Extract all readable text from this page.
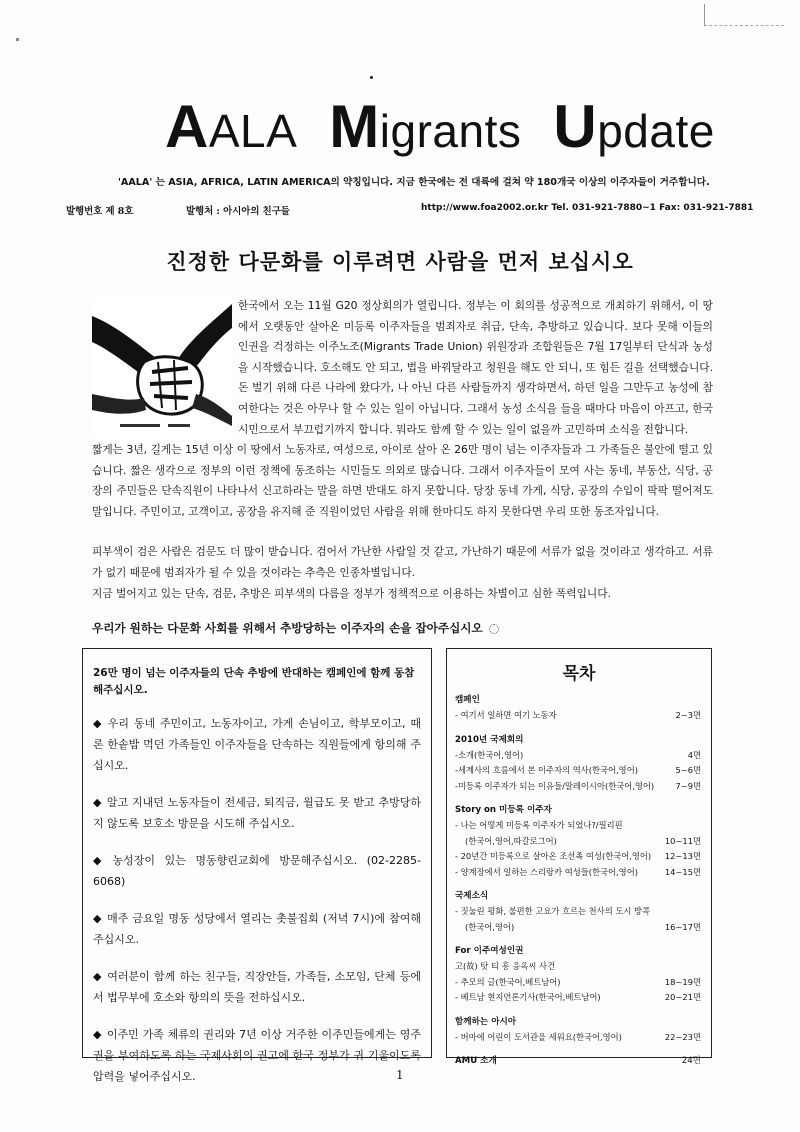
AALA Migrants Update
'AALA' 는 ASIA, AFRICA, LATIN AMERICA의 약칭입니다. 지금 한국에는 전 대륙에 걸쳐 약 180개국 이상의 이주자들이 거주합니다.
발행번호 제 8호	발행처 : 아시아의 친구들	http://www.foa2002.or.kr Tel. 031-921-7880~1 Fax: 031-921-7881
진정한 다문화를 이루려면 사람을 먼저 보십시오

한국에서 오는 11월 G20 정상회의가 열립니다. 정부는 이 회의를 성공적으로 개최하기 위해서, 이 땅에서 오랫동안 살아온 미등록 이주자들을 범죄자로 취급, 단속, 추방하고 있습니다. 보다 못해 이들의 인권을 걱정하는 이주노조(Migrants Trade Union) 위원장과 조합원들은 7월 17일부터 단식과 농성을 시작했습니다. 호소해도 안 되고, 법을 바꿔달라고 청원을 해도 안 되니, 또 힘든 길을 선택했습니다. 돈 벌기 위해 다른 나라에 왔다가, 나 아닌 다른 사람들까지 생각하면서, 하던 일을 그만두고 농성에 참여한다는 것은 아무나 할 수 있는 일이 아닙니다. 그래서 농성 소식을 들을 때마다 마음이 아프고, 한국시민으로서 부끄럽기까지 합니다. 뭐라도 함께 할 수 있는 일이 없을까 고민하며 소식을 전합니다.

짧게는 3년, 길게는 15년 이상 이 땅에서 노동자로, 여성으로, 아이로 살아 온 26만 명이 넘는 이주자들과 그 가족들은 불안에 떨고 있습니다. 짧은 생각으로 정부의 이런 정책에 동조하는 시민들도 의외로 많습니다. 그래서 이주자들이 모여 사는 동네, 부동산, 식당, 공장의 주민들은 단속직원이 나타나서 신고하라는 말을 하면 반대도 하지 못합니다. 당장 동네 가게, 식당, 공장의 수입이 팍팍 떨어져도 말입니다. 주민이고, 고객이고, 공장을 유지해 준 직원이었던 사람을 위해 한마디도 하지 못한다면 우리 또한 동조자입니다.

피부색이 검은 사람은 검문도 더 많이 받습니다. 검어서 가난한 사람일 것 같고, 가난하기 때문에 서류가 없을 것이라고 생각하고. 서류가 없기 때문에 범죄자가 될 수 있을 것이라는 추측은 인종차별입니다.

지금 벌어지고 있는 단속, 검문, 추방은 피부색의 다름을 정부가 정책적으로 이용하는 차별이고 심한 폭력입니다.

우리가 원하는 다문화 사회를 위해서 추방당하는 이주자의 손을 잡아주십시오
26만 명이 넘는 이주자들의 단속 추방에 반대하는 캠페인에 함께 동참해주십시오.
◆ 우리 동네 주민이고, 노동자이고, 가게 손님이고, 학부모이고, 때론 한솥밥 먹던 가족들인 이주자들을 단속하는 직원들에게 항의해 주십시오.
◆ 알고 지내던 노동자들이 전세금, 퇴직금, 월급도 못 받고 추방당하지 않도록 보호소 방문을 시도해 주십시오.
◆ 농성장이 있는 명동향린교회에 방문해주십시오. (02-2285-6068)
◆ 매주 금요일 명동 성당에서 열리는 촛불집회 (저녁 7시)에 참여해 주십시오.
◆ 여러분이 함께 하는 친구들, 직장안들, 가족들, 소모임, 단체 등에서 법무부에 호소와 항의의 뜻을 전하십시오.
◆ 이주민 가족 체류의 권리와 7년 이상 거주한 이주민들에게는 영주권을 부여하도록 하는 국제사회의 권고에 한국 정부가 귀 기울이도록 압력을 넣어주십시오.
목차
캠페인
- 여기서 일하면 여기 노동자	2~3면
2010년 국제회의
-소개(한국어,영어)	4면
-세계사의 흐름에서 본 이주자의 역사(한국어,영어)	5~6면
-미등록 이주자가 되는 이유들/말레이시아(한국어,영어)	7~9면
Story on 미등록 이주자
- 나는 어떻게 미등록 이주자가 되었나?/필리핀
(한국어,영어,따갈로그어)	10~11면
- 20년간 미등록으로 살아온 조선족 여성(한국어,영어) 12~13면
- 양계장에서 일하는 스리랑카 여성들(한국어,영어)	14~15면
국제소식
- 짓눌린 평화, 불편한 고요가 흐르는 천사의 도시 방콕
(한국어,영어)	16~17면
For 이주여성인권
고(故) 탓 티 흥 응옥씨 사건
- 추모의 글(한국어,베트남어)	18~19면
- 베트남 현지언론기사(한국어,베트남어)	20~21면
함께하는 아시아
- 버마에 어린이 도서관을 세워요(한국어,영어)	22~23면
AMU 소개	24면
1
